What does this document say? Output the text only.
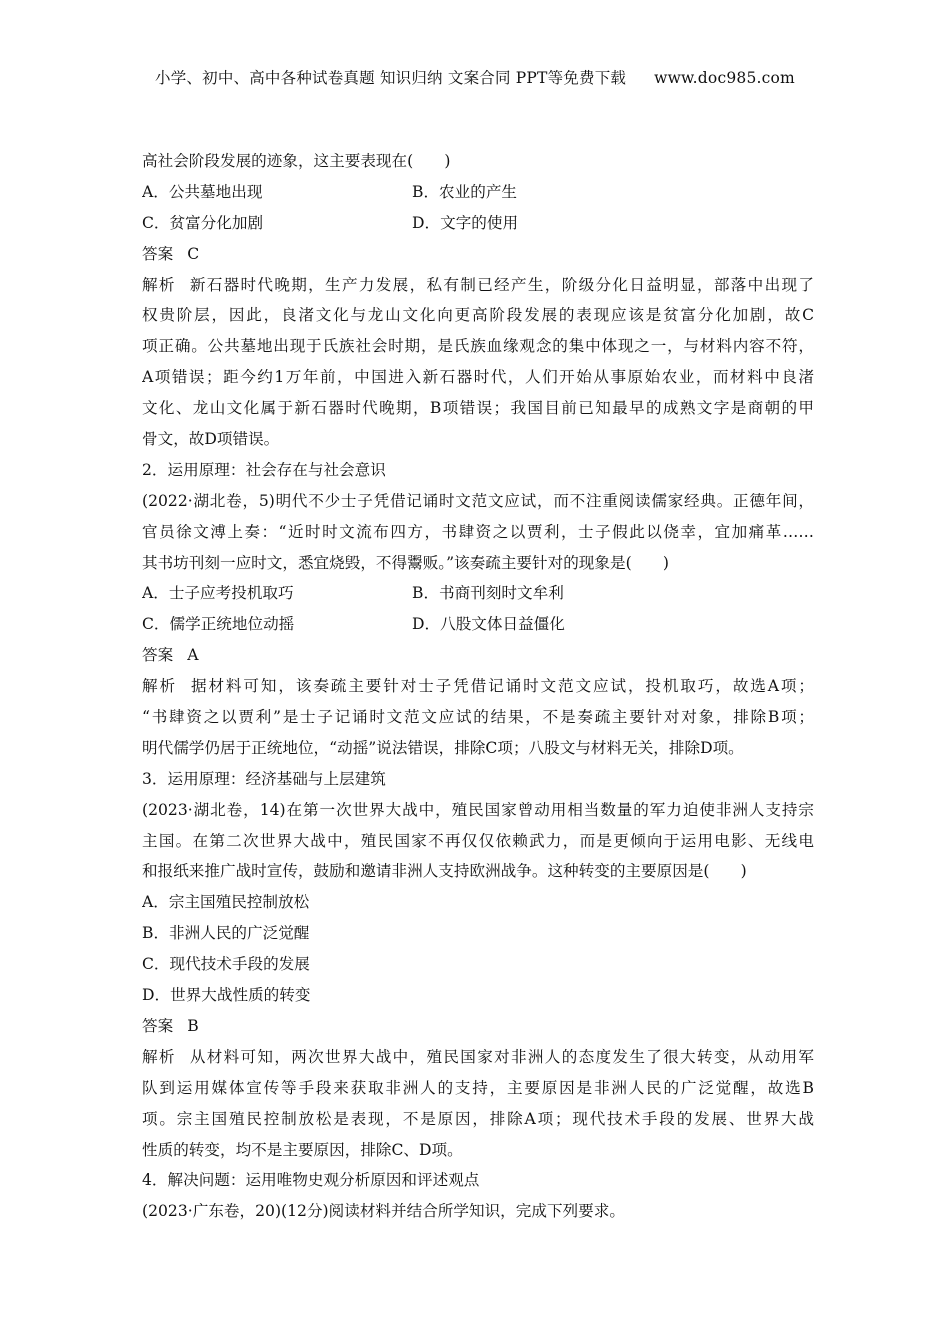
小学、初中、高中各种试卷真题 知识归纳 文案合同 PPT等免费下载 www.doc985.com
高社会阶段发展的迹象，这主要表现在(　　)
A．公共墓地出现	B．农业的产生
C．贫富分化加剧	D．文字的使用
答案 C
解析 新石器时代晚期，生产力发展，私有制已经产生，阶级分化日益明显，部落中出现了
权贵阶层，因此，良渚文化与龙山文化向更高阶段发展的表现应该是贫富分化加剧，故C
项正确。公共墓地出现于氏族社会时期，是氏族血缘观念的集中体现之一，与材料内容不符，
A项错误；距今约1万年前，中国进入新石器时代，人们开始从事原始农业，而材料中良渚
文化、龙山文化属于新石器时代晚期，B项错误；我国目前已知最早的成熟文字是商朝的甲
骨文，故D项错误。
2．运用原理：社会存在与社会意识
(2022·湖北卷，5)明代不少士子凭借记诵时文范文应试，而不注重阅读儒家经典。正德年间，
官员徐文溥上奏：“近时时文流布四方，书肆资之以贾利，士子假此以侥幸，宜加痛革……
其书坊刊刻一应时文，悉宜烧毁，不得鬻贩。”该奏疏主要针对的现象是(　　)
A．士子应考投机取巧	B．书商刊刻时文牟利
C．儒学正统地位动摇	D．八股文体日益僵化
答案 A
解析 据材料可知，该奏疏主要针对士子凭借记诵时文范文应试，投机取巧，故选A项；
“书肆资之以贾利”是士子记诵时文范文应试的结果，不是奏疏主要针对对象，排除B项；
明代儒学仍居于正统地位，“动摇”说法错误，排除C项；八股文与材料无关，排除D项。
3．运用原理：经济基础与上层建筑
(2023·湖北卷，14)在第一次世界大战中，殖民国家曾动用相当数量的军力迫使非洲人支持宗
主国。在第二次世界大战中，殖民国家不再仅仅依赖武力，而是更倾向于运用电影、无线电
和报纸来推广战时宣传，鼓励和邀请非洲人支持欧洲战争。这种转变的主要原因是(　　)
A．宗主国殖民控制放松
B．非洲人民的广泛觉醒
C．现代技术手段的发展
D．世界大战性质的转变
答案 B
解析 从材料可知，两次世界大战中，殖民国家对非洲人的态度发生了很大转变，从动用军
队到运用媒体宣传等手段来获取非洲人的支持，主要原因是非洲人民的广泛觉醒，故选B
项。宗主国殖民控制放松是表现，不是原因，排除A项；现代技术手段的发展、世界大战
性质的转变，均不是主要原因，排除C、D项。
4．解决问题：运用唯物史观分析原因和评述观点
(2023·广东卷，20)(12分)阅读材料并结合所学知识，完成下列要求。
